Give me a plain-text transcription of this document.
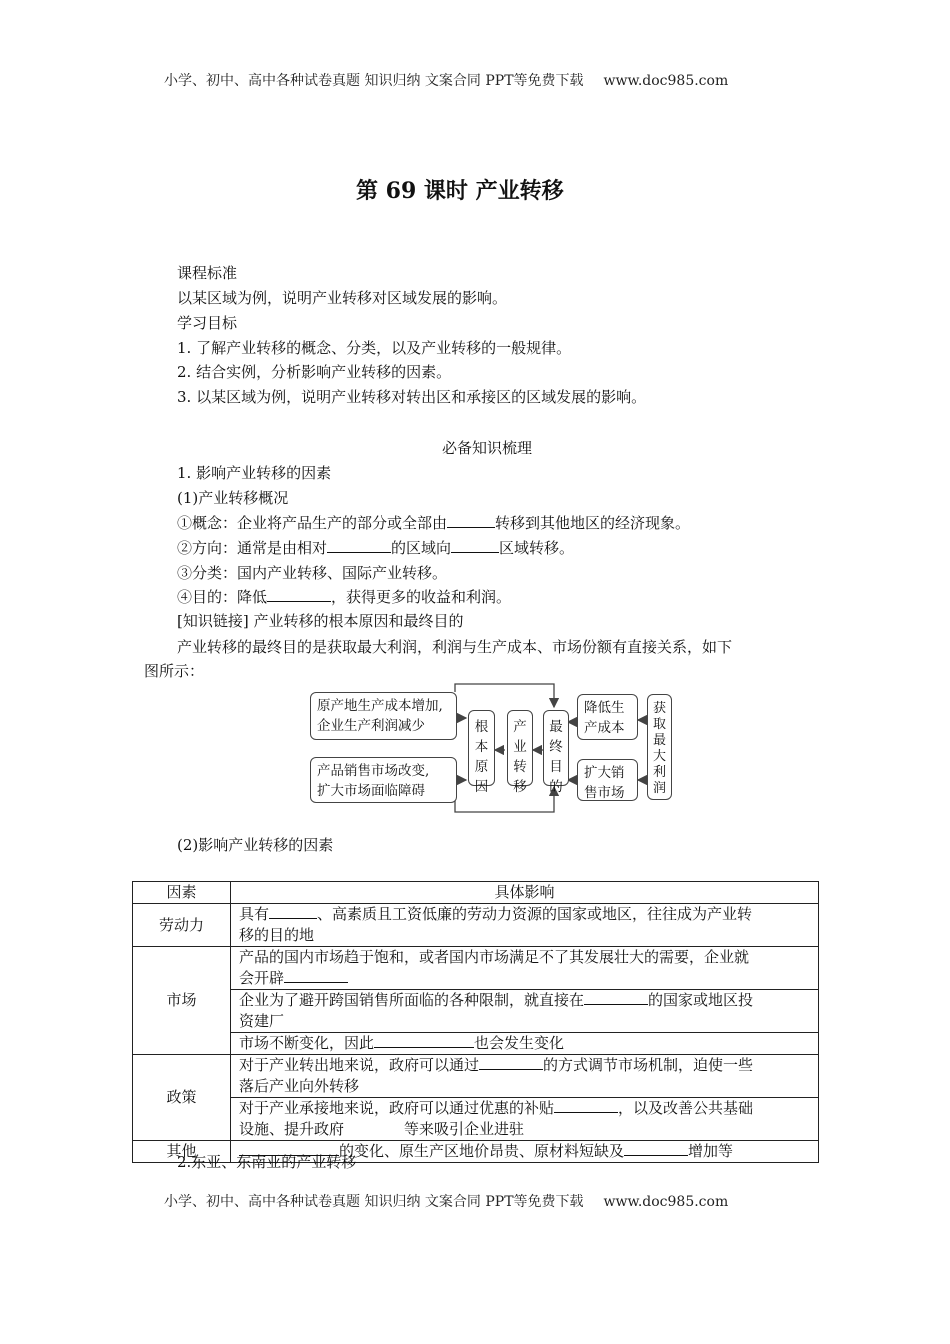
小学、初中、高中各种试卷真题 知识归纳 文案合同 PPT等免费下载 www.doc985.com
第 69 课时 产业转移
课程标准
以某区域为例，说明产业转移对区域发展的影响。
学习目标
1. 了解产业转移的概念、分类，以及产业转移的一般规律。
2. 结合实例，分析影响产业转移的因素。
3. 以某区域为例，说明产业转移对转出区和承接区的区域发展的影响。
必备知识梳理
1. 影响产业转移的因素
(1)产业转移概况
①概念：企业将产品生产的部分或全部由	转移到其他地区的经济现象。
②方向：通常是由相对	的区域向	区域转移。
③分类：国内产业转移、国际产业转移。
④目的：降低	，获得更多的收益和利润。
[知识链接] 产业转移的根本原因和最终目的
产业转移的最终目的是获取最大利润，利润与生产成本、市场份额有直接关系，如下
图所示：
原产地生产成本增加,
企业生产利润减少
产品销售市场改变,
扩大市场面临障碍
根
本
原
因
产
业
转
移
最
终
目
的
降低生
产成本
扩大销
售市场
获
取
最
大
利
润
(2)影响产业转移的因素
因素	具体影响
劳动力	具有 、高素质且工资低廉的劳动力资源的国家或地区，往往成为产业转
移的目的地
市场	产品的国内市场趋于饱和，或者国内市场满足不了其发展壮大的需要，企业就
会开辟
	企业为了避开跨国销售所面临的各种限制，就直接在 的国家或地区投
资建厂
	市场不断变化，因此 也会发生变化
政策	对于产业转出地来说，政府可以通过 的方式调节市场机制，迫使一些
落后产业向外转移
	对于产业承接地来说，政府可以通过优惠的补贴 ，以及改善公共基础
设施、提升政府 等来吸引企业进驻
其他	的变化、原生产区地价昂贵、原材料短缺及 增加等
2.东亚、东南亚的产业转移
小学、初中、高中各种试卷真题 知识归纳 文案合同 PPT等免费下载 www.doc985.com
